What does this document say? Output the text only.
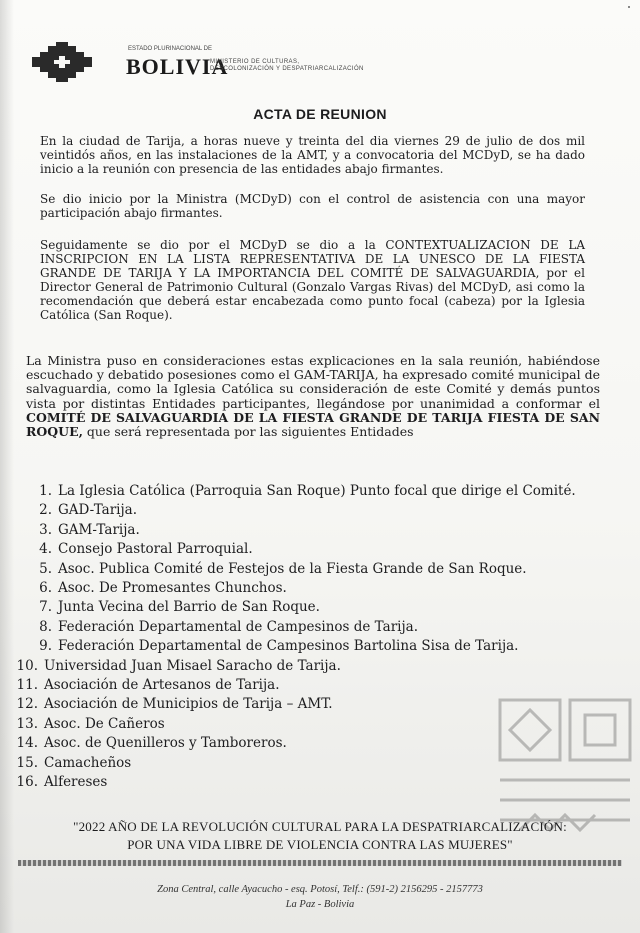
ESTADO PLURINACIONAL DE
BOLIVIA
MINISTERIO DE CULTURAS,
DESCOLONIZACIÓN Y DESPATRIARCALIZACIÓN
ACTA DE REUNION
En la ciudad de Tarija, a horas nueve y treinta del dia viernes 29 de julio de dos mil veintidós años, en las instalaciones de la AMT, y a convocatoria del MCDyD, se ha dado inicio a la reunión con presencia de las entidades abajo firmantes.
Se dio inicio por la Ministra (MCDyD) con el control de asistencia con una mayor participación abajo firmantes.
Seguidamente se dio por el MCDyD se dio a la CONTEXTUALIZACION DE LA INSCRIPCION EN LA LISTA REPRESENTATIVA DE LA UNESCO DE LA FIESTA GRANDE DE TARIJA Y LA IMPORTANCIA DEL COMITÉ DE SALVAGUARDIA, por el Director General de Patrimonio Cultural (Gonzalo Vargas Rivas) del MCDyD, asi como la recomendación que deberá estar encabezada como punto focal (cabeza) por la Iglesia Católica (San Roque).
La Ministra puso en consideraciones estas explicaciones en la sala reunión, habiéndose escuchado y debatido posesiones como el GAM-TARIJA, ha expresado comité municipal de salvaguardia, como la Iglesia Católica su consideración de este Comité y demás puntos vista por distintas Entidades participantes, llegándose por unanimidad a conformar el COMITÉ DE SALVAGUARDIA DE LA FIESTA GRANDE DE TARIJA FIESTA DE SAN ROQUE, que será representada por las siguientes Entidades
1. La Iglesia Católica (Parroquia San Roque) Punto focal que dirige el Comité.
2. GAD-Tarija.
3. GAM-Tarija.
4. Consejo Pastoral Parroquial.
5. Asoc. Publica Comité de Festejos de la Fiesta Grande de San Roque.
6. Asoc. De Promesantes Chunchos.
7. Junta Vecina del Barrio de San Roque.
8. Federación Departamental de Campesinos de Tarija.
9. Federación Departamental de Campesinos Bartolina Sisa de Tarija.
10. Universidad Juan Misael Saracho de Tarija.
11. Asociación de Artesanos de Tarija.
12. Asociación de Municipios de Tarija – AMT.
13. Asoc. De Cañeros
14. Asoc. de Quenilleros y Tamboreros.
15. Camacheños
16. Alfereses
"2022 AÑO DE LA REVOLUCIÓN CULTURAL PARA LA DESPATRIARCALIZACIÓN:
POR UNA VIDA LIBRE DE VIOLENCIA CONTRA LAS MUJERES"
Zona Central, calle Ayacucho - esq. Potosí, Telf.: (591-2) 2156295 - 2157773
La Paz - Bolivia
